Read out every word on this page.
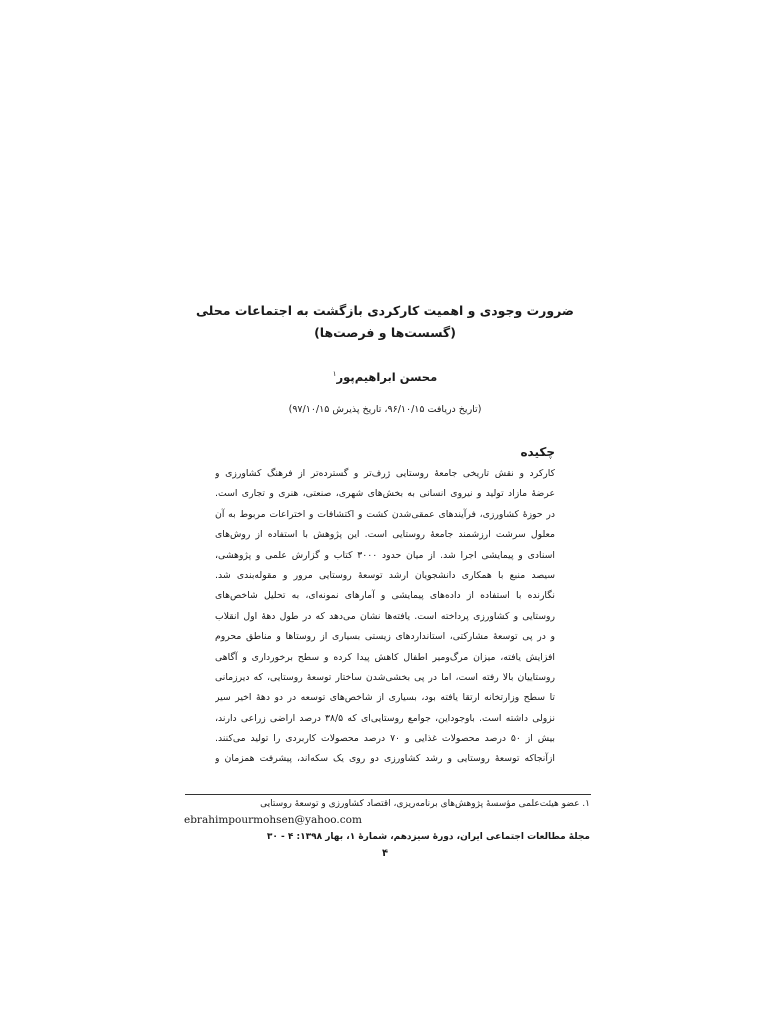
ضرورت وجودی و اهمیت کارکردی بازگشت به اجتماعات محلی
(گسست‌ها و فرصت‌ها)
محسن ابراهیم‌پور$^۱$
(تاریخ دریافت ۹۶/۱۰/۱۵، تاریخ پذیرش ۹۷/۱۰/۱۵)
چکیده

کارکرد و نقش تاریخی جامعهٔ روستایی ژرف‌تر و گسترده‌تر از فرهنگ کشاورزی و
عرضهٔ مازاد تولید و نیروی انسانی به بخش‌های شهری، صنعتی، هنری و تجاری است.
در حوزهٔ کشاورزی، فرآیندهای عمقی‌شدن کشت و اکتشافات و اختراعات مربوط به آن
معلول سرشت ارزشمند جامعهٔ روستایی است. این پژوهش با استفاده از روش‌های
اسنادی و پیمایشی اجرا شد. از میان حدود ۳۰۰۰ کتاب و گزارش علمی و پژوهشی،
سیصد منبع با همکاری دانشجویان ارشد توسعهٔ روستایی مرور و مقوله‌بندی شد.
نگارنده با استفاده از داده‌های پیمایشی و آمارهای نمونه‌ای، به تحلیل شاخص‌های
روستایی و کشاورزی پرداخته است. یافته‌ها نشان می‌دهد که در طول دههٔ اول انقلاب
و در پی توسعهٔ مشارکتی، استانداردهای زیستی بسیاری از روستاها و مناطق محروم
افزایش یافته، میزان مرگ‌ومیر اطفال کاهش پیدا کرده و سطح برخورداری و آگاهی
روستاییان بالا رفته است، اما در پی بخشی‌شدن ساختار توسعهٔ روستایی، که دیرزمانی
تا سطح وزارتخانه ارتقا یافته بود، بسیاری از شاخص‌های توسعه در دو دههٔ اخیر سیر
نزولی داشته است. باوجوداین، جوامع روستایی‌ای که ۳۸/۵ درصد اراضی زراعی دارند،
بیش از ۵۰ درصد محصولات غذایی و ۷۰ درصد محصولات کاربردی را تولید می‌کنند.
ازآنجاکه توسعهٔ روستایی و رشد کشاورزی دو روی یک سکه‌اند، پیشرفت همزمان و

۱. عضو هیئت‌علمی مؤسسهٔ پژوهش‌های برنامه‌ریزی، اقتصاد کشاورزی و توسعهٔ روستایی
ebrahimpourmohsen@yahoo.com
مجلهٔ مطالعات اجتماعی ایران، دورهٔ سیزدهم، شمارهٔ ۱، بهار ۱۳۹۸: ۴ - ۳۰
۴
